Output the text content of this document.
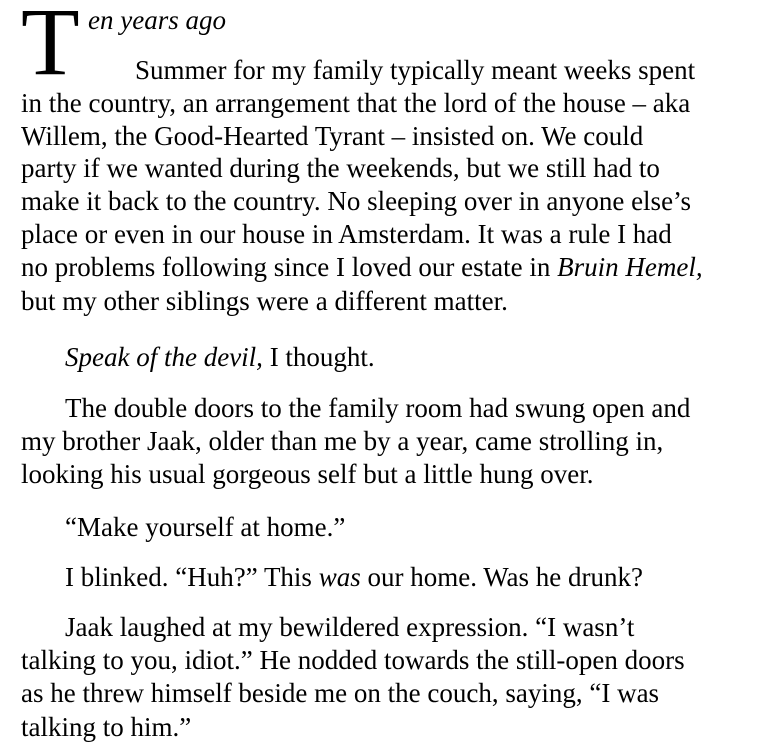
T en years ago
Summer for my family typically meant weeks spent
in the country, an arrangement that the lord of the house – aka
Willem, the Good-Hearted Tyrant – insisted on. We could
party if we wanted during the weekends, but we still had to
make it back to the country. No sleeping over in anyone else’s
place or even in our house in Amsterdam. It was a rule I had
no problems following since I loved our estate in Bruin Hemel,
but my other siblings were a different matter.
Speak of the devil, I thought.
The double doors to the family room had swung open and
my brother Jaak, older than me by a year, came strolling in,
looking his usual gorgeous self but a little hung over.
“Make yourself at home.”
I blinked. “Huh?” This was our home. Was he drunk?
Jaak laughed at my bewildered expression. “I wasn’t
talking to you, idiot.” He nodded towards the still-open doors
as he threw himself beside me on the couch, saying, “I was
talking to him.”
